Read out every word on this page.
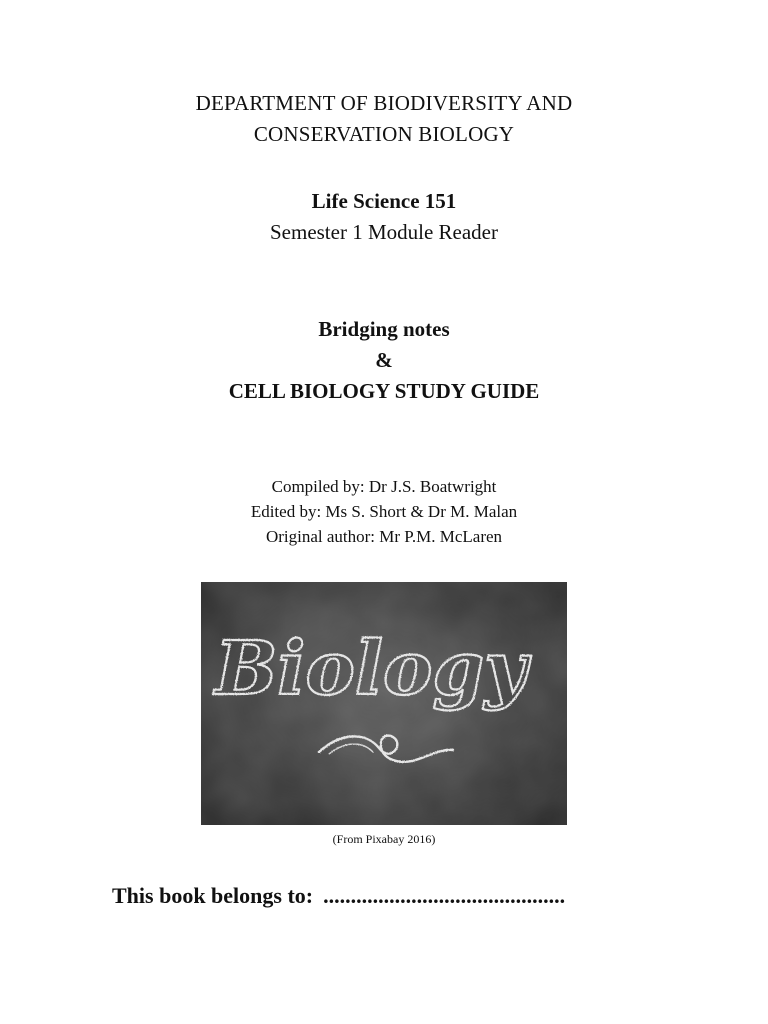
DEPARTMENT OF BIODIVERSITY AND
CONSERVATION BIOLOGY
Life Science 151
Semester 1 Module Reader
Bridging notes
&
CELL BIOLOGY STUDY GUIDE
Compiled by: Dr J.S. Boatwright
Edited by: Ms S. Short & Dr M. Malan
Original author: Mr P.M. McLaren
Biology
(From Pixabay 2016)
This book belongs to: ............................................
